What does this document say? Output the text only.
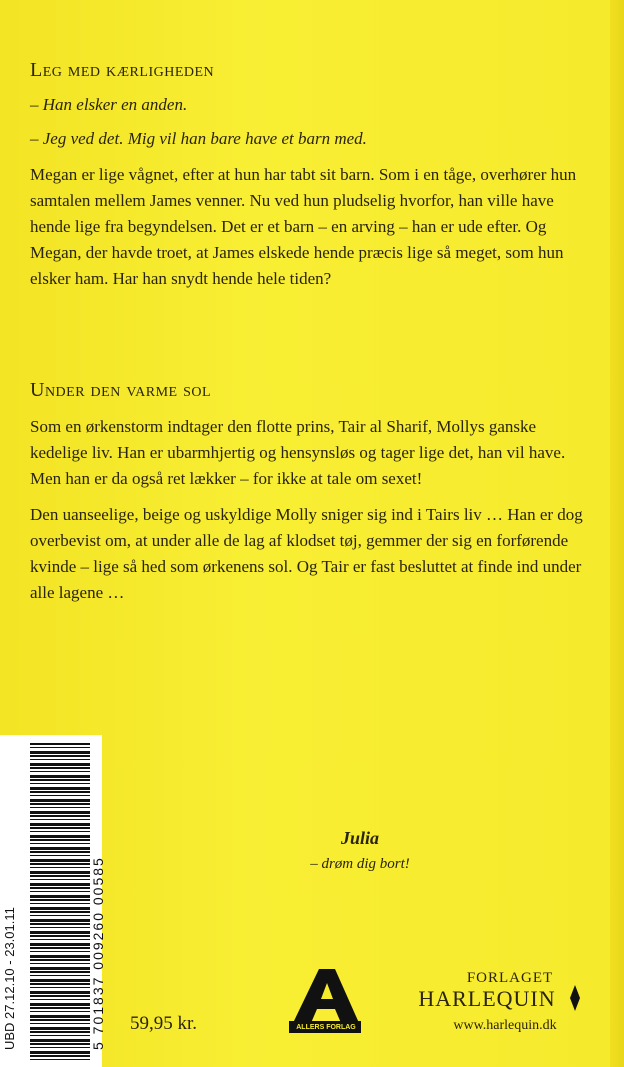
Leg med kærligheden
– Han elsker en anden.
– Jeg ved det. Mig vil han bare have et barn med.
Megan er lige vågnet, efter at hun har tabt sit barn. Som i en tåge, overhører hun samtalen mellem James venner. Nu ved hun pludselig hvorfor, han ville have hende lige fra begyndelsen. Det er et barn – en arving – han er ude efter. Og Megan, der havde troet, at James elskede hende præcis lige så meget, som hun elsker ham. Har han snydt hende hele tiden?
Under den varme sol
Som en ørkenstorm indtager den flotte prins, Tair al Sharif, Mollys ganske kedelige liv. Han er ubarmhjertig og hensynsløs og tager lige det, han vil have. Men han er da også ret lækker – for ikke at tale om sexet!
Den uanseelige, beige og uskyldige Molly sniger sig ind i Tairs liv … Han er dog overbevist om, at under alle de lag af klodset tøj, gemmer der sig en forførende kvinde – lige så hed som ørkenens sol. Og Tair er fast besluttet at finde ind under alle lagene …
Julia
– drøm dig bort!
UBD 27.12.10 - 23.01.11	5 701837 009260 00585 59,95 kr.	ALLERS FORLAG
FORLAGET
HARLEQUIN
www.harlequin.dk
